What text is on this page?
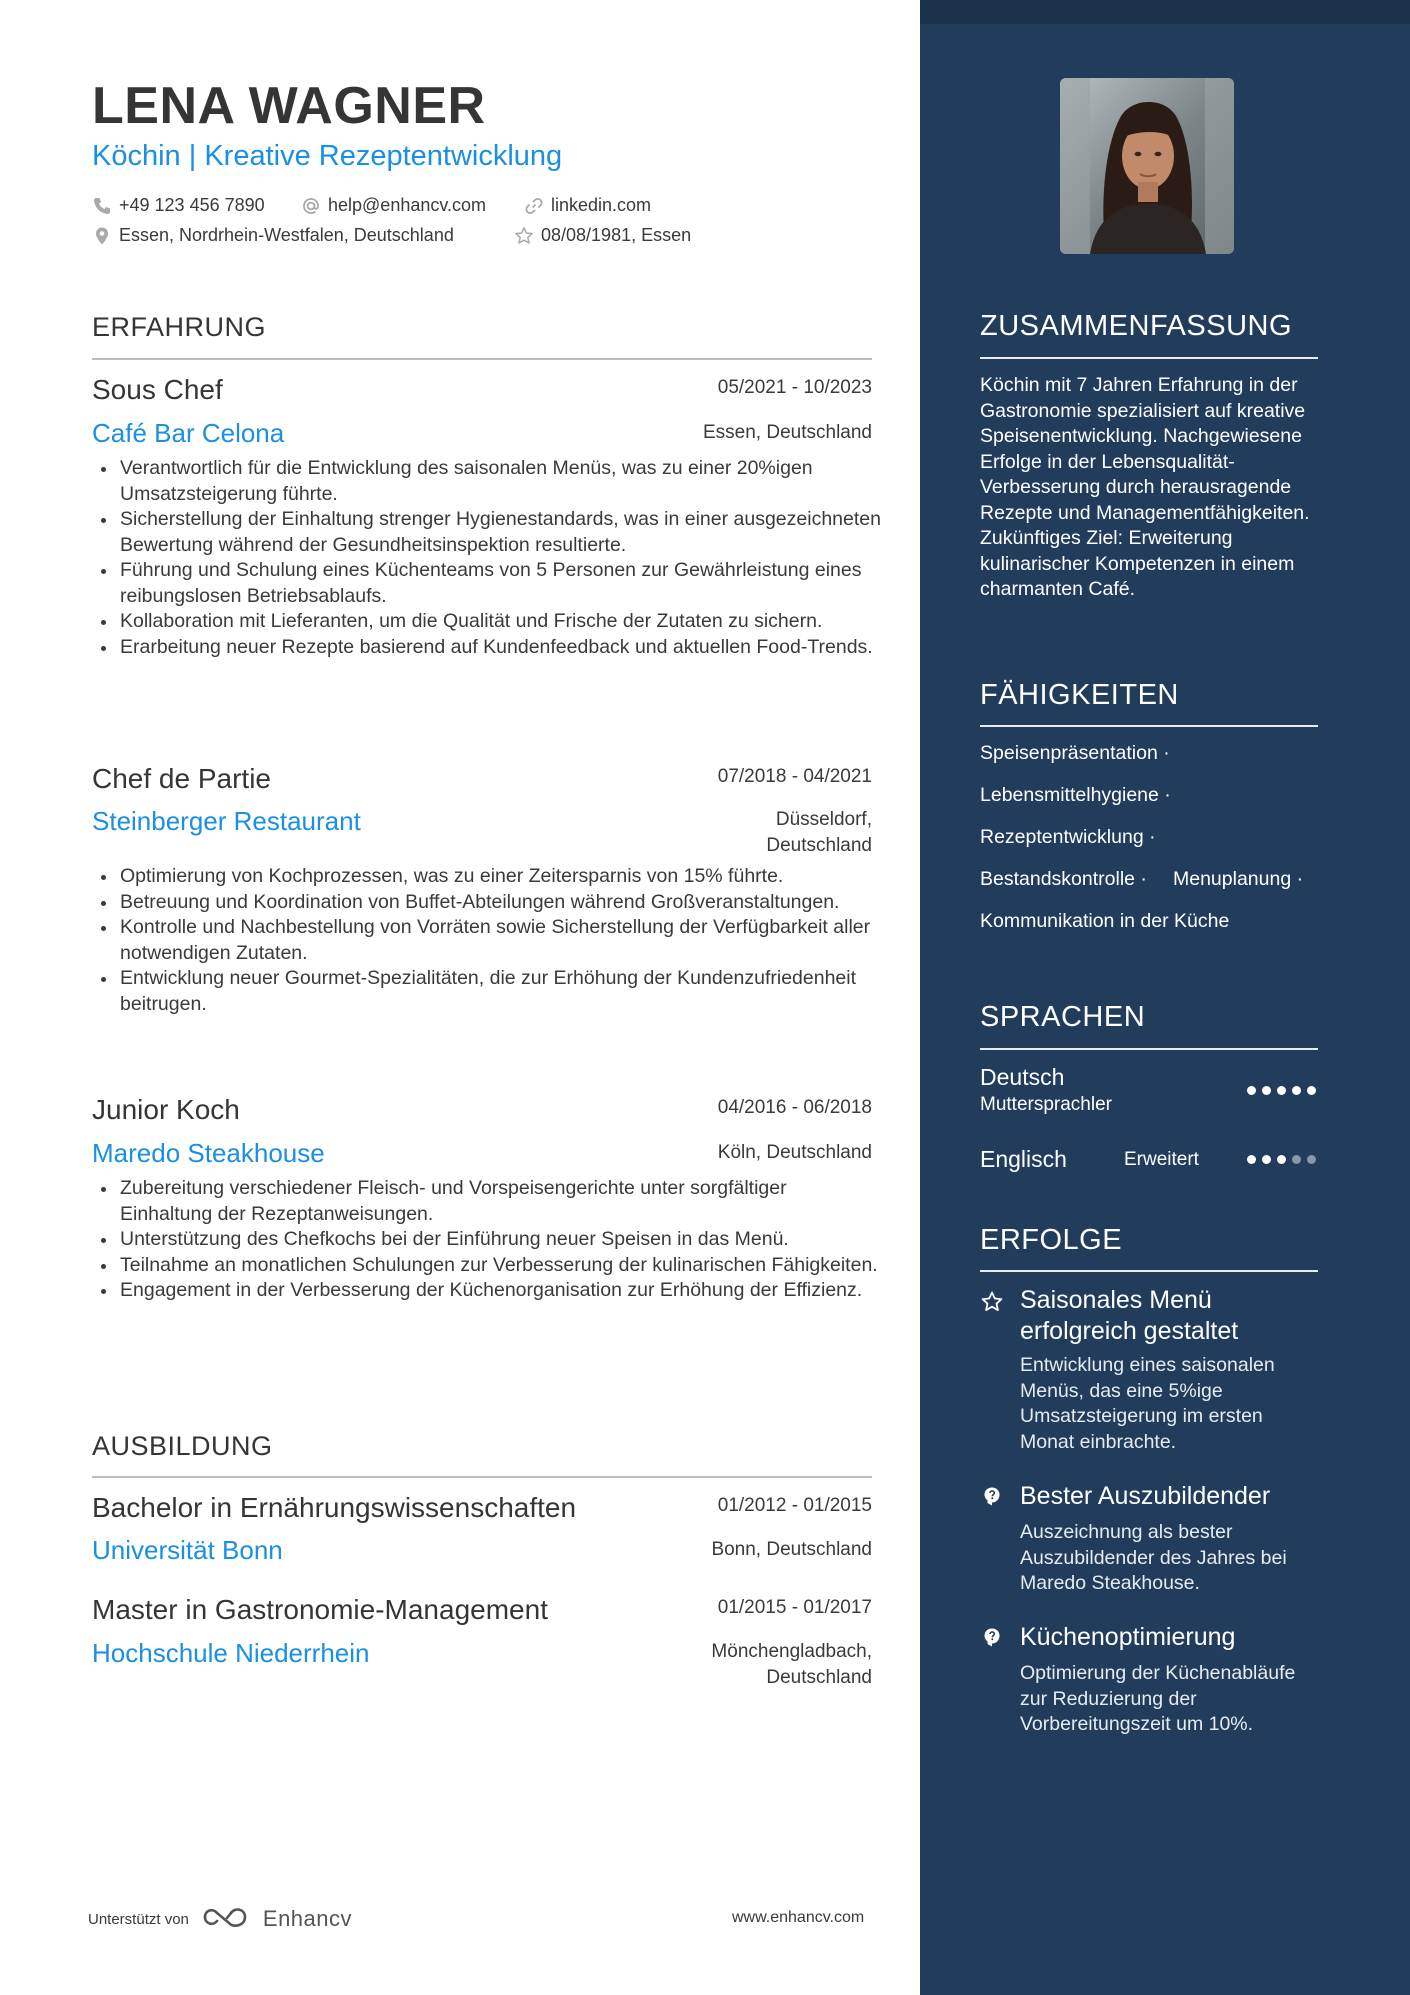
LENA WAGNER
Köchin | Kreative Rezeptentwicklung
+49 123 456 7890	help@enhancv.com	linkedin.com
Essen, Nordrhein-Westfalen, Deutschland	08/08/1981, Essen
ERFAHRUNG
Sous Chef	05/2021 - 10/2023
Café Bar Celona	Essen, Deutschland
Verantwortlich für die Entwicklung des saisonalen Menüs, was zu einer 20%igen Umsatzsteigerung führte.
Sicherstellung der Einhaltung strenger Hygienestandards, was in einer ausgezeichneten Bewertung während der Gesundheitsinspektion resultierte.
Führung und Schulung eines Küchenteams von 5 Personen zur Gewährleistung eines reibungslosen Betriebsablaufs.
Kollaboration mit Lieferanten, um die Qualität und Frische der Zutaten zu sichern.
Erarbeitung neuer Rezepte basierend auf Kundenfeedback und aktuellen Food-Trends.
Chef de Partie	07/2018 - 04/2021
Steinberger Restaurant	Düsseldorf,
Deutschland
Optimierung von Kochprozessen, was zu einer Zeitersparnis von 15% führte.
Betreuung und Koordination von Buffet-Abteilungen während Großveranstaltungen.
Kontrolle und Nachbestellung von Vorräten sowie Sicherstellung der Verfügbarkeit aller notwendigen Zutaten.
Entwicklung neuer Gourmet-Spezialitäten, die zur Erhöhung der Kundenzufriedenheit beitrugen.
Junior Koch	04/2016 - 06/2018
Maredo Steakhouse	Köln, Deutschland
Zubereitung verschiedener Fleisch- und Vorspeisengerichte unter sorgfältiger Einhaltung der Rezeptanweisungen.
Unterstützung des Chefkochs bei der Einführung neuer Speisen in das Menü.
Teilnahme an monatlichen Schulungen zur Verbesserung der kulinarischen Fähigkeiten.
Engagement in der Verbesserung der Küchenorganisation zur Erhöhung der Effizienz.
AUSBILDUNG
Bachelor in Ernährungswissenschaften	01/2012 - 01/2015
Universität Bonn	Bonn, Deutschland
Master in Gastronomie-Management	01/2015 - 01/2017
Hochschule Niederrhein	Mönchengladbach,
Deutschland
Unterstützt von	Enhancv	www.enhancv.com
ZUSAMMENFASSUNG
Köchin mit 7 Jahren Erfahrung in der Gastronomie spezialisiert auf kreative Speisenentwicklung. Nachgewiesene Erfolge in der Lebensqualität-Verbesserung durch herausragende Rezepte und Managementfähigkeiten. Zukünftiges Ziel: Erweiterung kulinarischer Kompetenzen in einem charmanten Café.
FÄHIGKEITEN
Speisenpräsentation ·
Lebensmittelhygiene ·
Rezeptentwicklung ·
Bestandskontrolle · Menuplanung ·
Kommunikation in der Küche
SPRACHEN
Deutsch
Muttersprachler
Englisch	Erweitert
ERFOLGE
Saisonales Menü erfolgreich gestaltet
Entwicklung eines saisonalen Menüs, das eine 5%ige Umsatzsteigerung im ersten Monat einbrachte.
Bester Auszubildender
Auszeichnung als bester Auszubildender des Jahres bei Maredo Steakhouse.
Küchenoptimierung
Optimierung der Küchenabläufe zur Reduzierung der Vorbereitungszeit um 10%.
